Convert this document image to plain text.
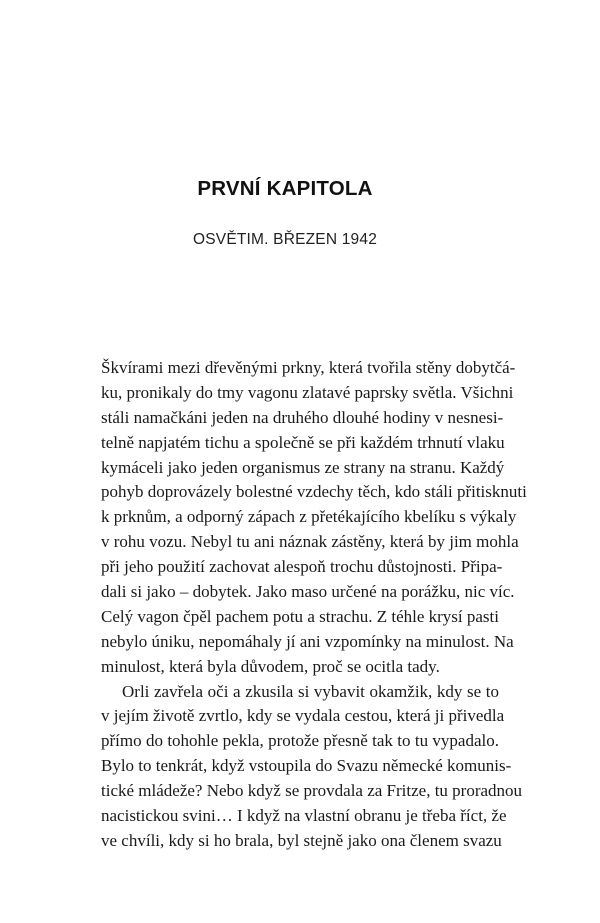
PRVNÍ KAPITOLA
OSVĚTIM. BŘEZEN 1942
Škvírami mezi dřevěnými prkny, která tvořila stěny dobytčá-
ku, pronikaly do tmy vagonu zlatavé paprsky světla. Všichni
stáli namačkáni jeden na druhého dlouhé hodiny v nesnesi-
telně napjatém tichu a společně se při každém trhnutí vlaku
kymáceli jako jeden organismus ze strany na stranu. Každý
pohyb doprovázely bolestné vzdechy těch, kdo stáli přitisknuti
k prknům, a odporný zápach z přetékajícího kbelíku s výkaly
v rohu vozu. Nebyl tu ani náznak zástěny, která by jim mohla
při jeho použití zachovat alespoň trochu důstojnosti. Připa-
dali si jako – dobytek. Jako maso určené na porážku, nic víc.
Celý vagon čpěl pachem potu a strachu. Z téhle krysí pasti
nebylo úniku, nepomáhaly jí ani vzpomínky na minulost. Na
minulost, která byla důvodem, proč se ocitla tady.
Orli zavřela oči a zkusila si vybavit okamžik, kdy se to
v jejím životě zvrtlo, kdy se vydala cestou, která ji přivedla
přímo do tohohle pekla, protože přesně tak to tu vypadalo.
Bylo to tenkrát, když vstoupila do Svazu německé komunis-
tické mládeže? Nebo když se provdala za Fritze, tu proradnou
nacistickou svini… I když na vlastní obranu je třeba říct, že
ve chvíli, kdy si ho brala, byl stejně jako ona členem svazu
